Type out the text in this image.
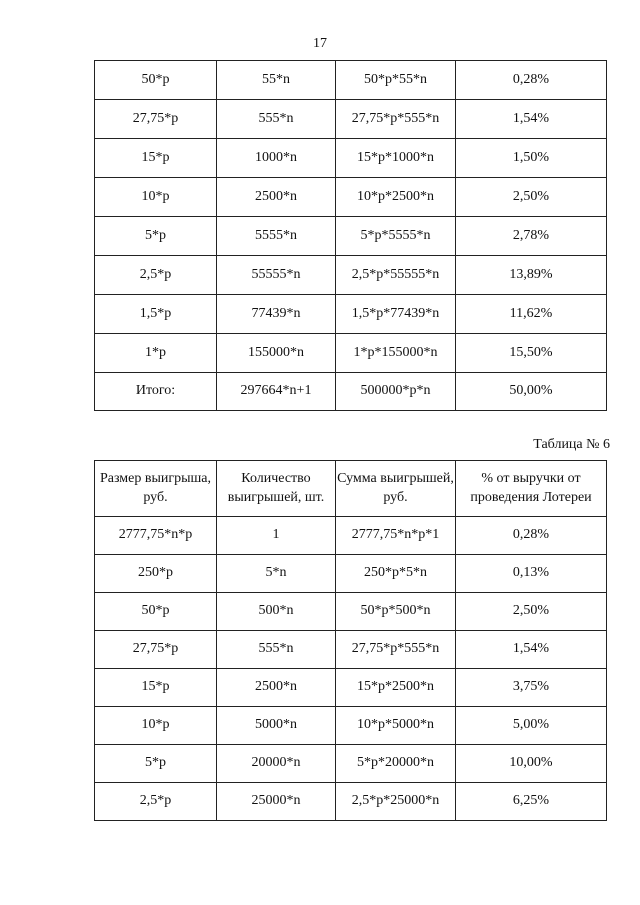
17
50*р	55*n	50*р*55*n	0,28%
27,75*р	555*n	27,75*р*555*n	1,54%
15*р	1000*n	15*р*1000*n	1,50%
10*р	2500*n	10*р*2500*n	2,50%
5*р	5555*n	5*р*5555*n	2,78%
2,5*р	55555*n	2,5*р*55555*n	13,89%
1,5*р	77439*n	1,5*р*77439*n	11,62%
1*р	155000*n	1*р*155000*n	15,50%
Итого:	297664*n+1	500000*р*n	50,00%
Таблица № 6
Размер выигрыша, руб.	Количество выигрышей, шт.	Сумма выигрышей, руб.	% от выручки от проведения Лотереи
2777,75*n*р	1	2777,75*n*р*1	0,28%
250*р	5*n	250*р*5*n	0,13%
50*р	500*n	50*р*500*n	2,50%
27,75*р	555*n	27,75*р*555*n	1,54%
15*р	2500*n	15*р*2500*n	3,75%
10*р	5000*n	10*р*5000*n	5,00%
5*р	20000*n	5*р*20000*n	10,00%
2,5*р	25000*n	2,5*р*25000*n	6,25%
